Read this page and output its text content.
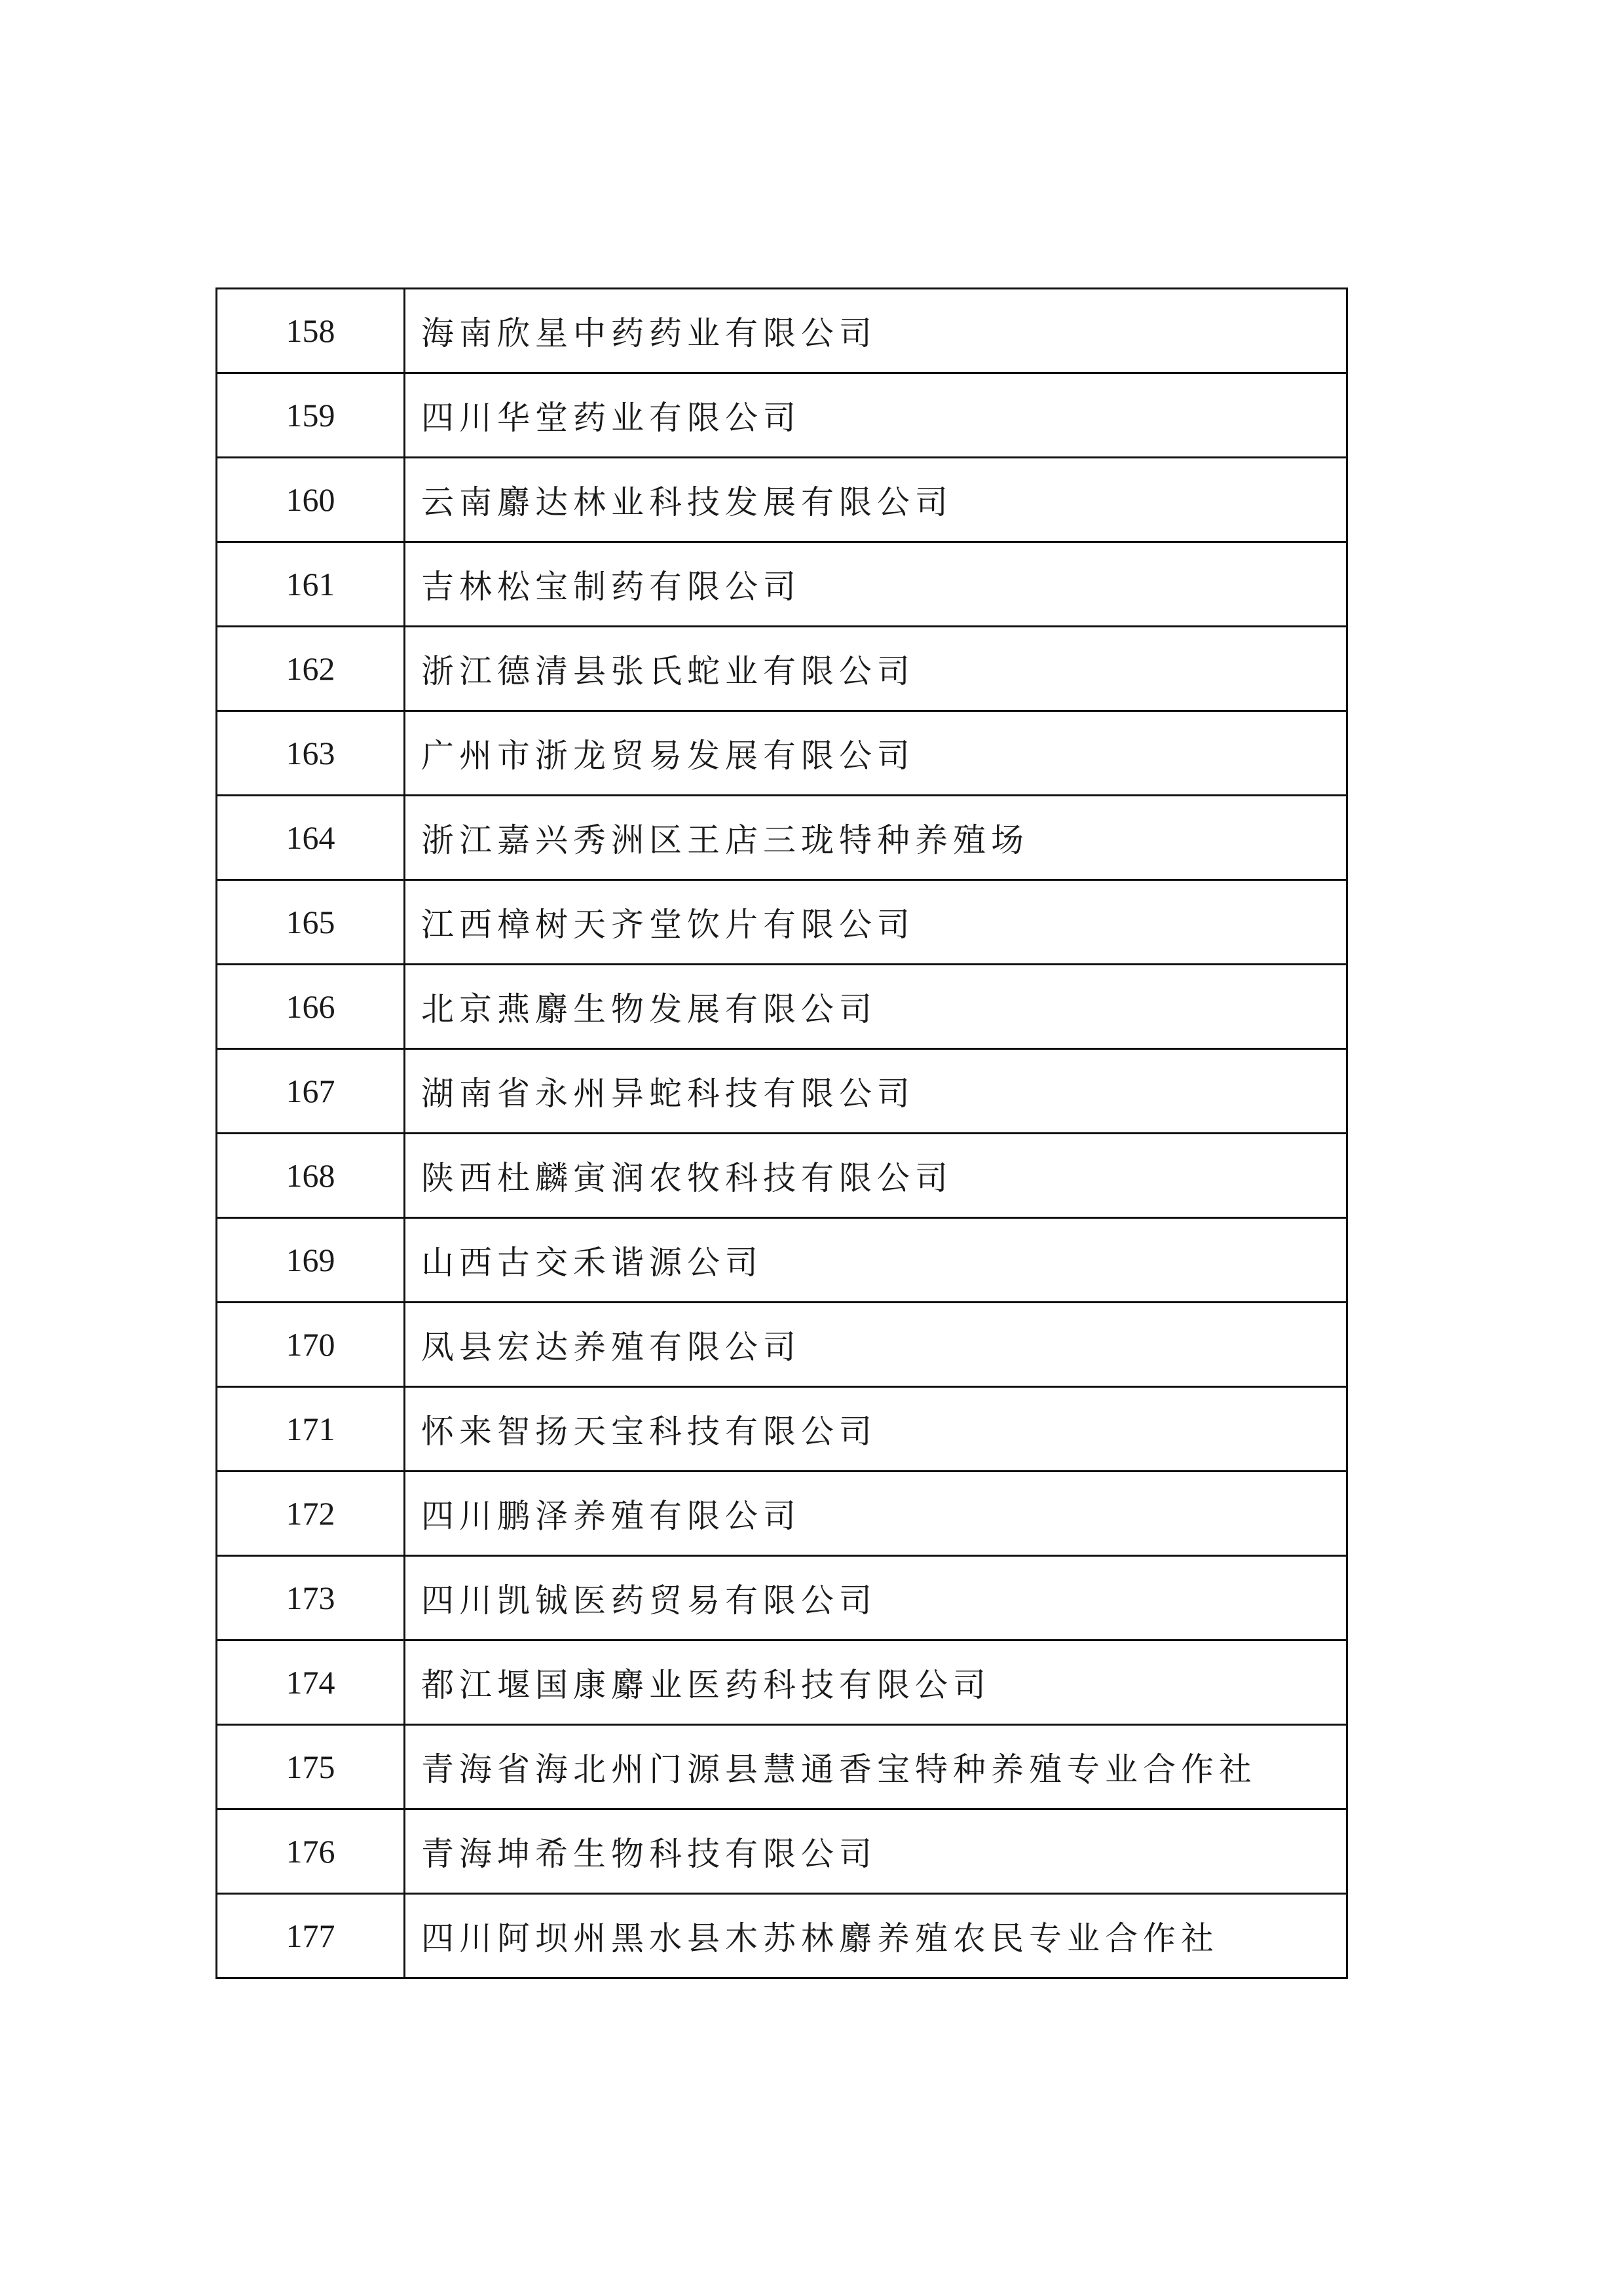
158	海南欣星中药药业有限公司
159	四川华堂药业有限公司
160	云南麝达林业科技发展有限公司
161	吉林松宝制药有限公司
162	浙江德清县张氏蛇业有限公司
163	广州市浙龙贸易发展有限公司
164	浙江嘉兴秀洲区王店三珑特种养殖场
165	江西樟树天齐堂饮片有限公司
166	北京燕麝生物发展有限公司
167	湖南省永州异蛇科技有限公司
168	陕西杜麟寅润农牧科技有限公司
169	山西古交禾谐源公司
170	凤县宏达养殖有限公司
171	怀来智扬天宝科技有限公司
172	四川鹏泽养殖有限公司
173	四川凯铖医药贸易有限公司
174	都江堰国康麝业医药科技有限公司
175	青海省海北州门源县慧通香宝特种养殖专业合作社
176	青海坤希生物科技有限公司
177	四川阿坝州黑水县木苏林麝养殖农民专业合作社
